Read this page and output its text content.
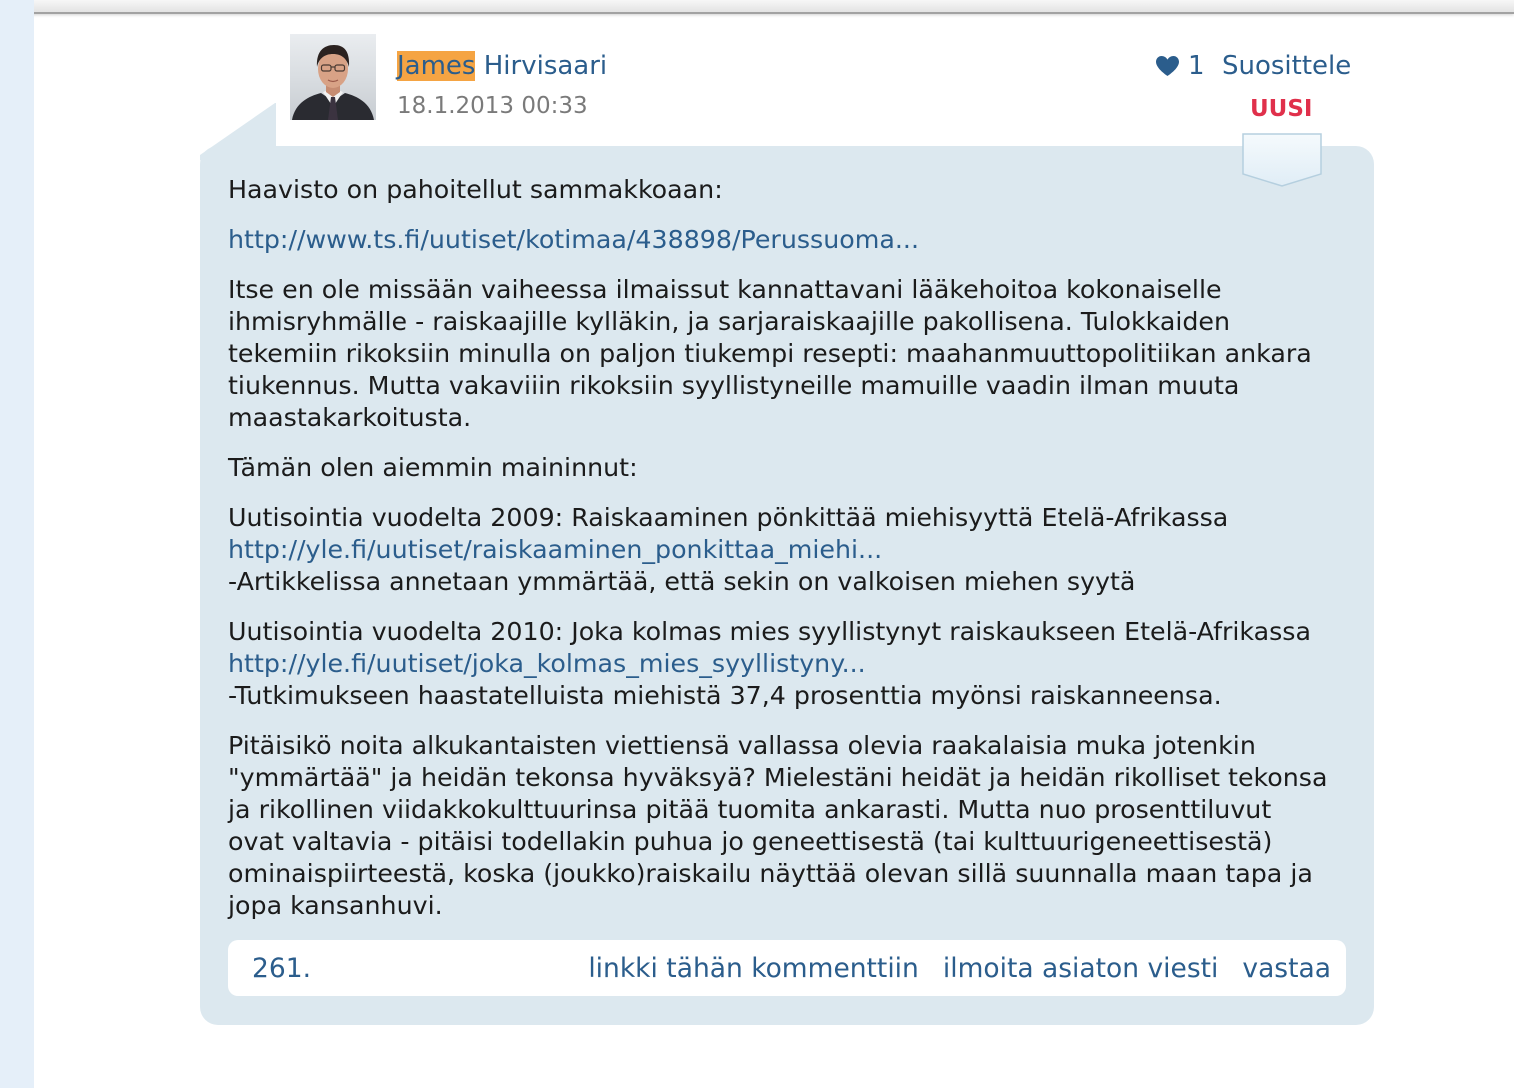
James Hirvisaari
18.1.2013 00:33
1 Suosittele
UUSI
Haavisto on pahoitellut sammakkoaan:
http://www.ts.fi/uutiset/kotimaa/438898/Perussuoma...
Itse en ole missään vaiheessa ilmaissut kannattavani lääkehoitoa kokonaiselle
ihmisryhmälle - raiskaajille kylläkin, ja sarjaraiskaajille pakollisena. Tulokkaiden
tekemiin rikoksiin minulla on paljon tiukempi resepti: maahanmuuttopolitiikan ankara
tiukennus. Mutta vakaviiin rikoksiin syyllistyneille mamuille vaadin ilman muuta
maastakarkoitusta.
Tämän olen aiemmin maininnut:
Uutisointia vuodelta 2009: Raiskaaminen pönkittää miehisyyttä Etelä-Afrikassa
http://yle.fi/uutiset/raiskaaminen_ponkittaa_miehi...
-Artikkelissa annetaan ymmärtää, että sekin on valkoisen miehen syytä
Uutisointia vuodelta 2010: Joka kolmas mies syyllistynyt raiskaukseen Etelä-Afrikassa
http://yle.fi/uutiset/joka_kolmas_mies_syyllistyny...
-Tutkimukseen haastatelluista miehistä 37,4 prosenttia myönsi raiskanneensa.
Pitäisikö noita alkukantaisten viettiensä vallassa olevia raakalaisia muka jotenkin
"ymmärtää" ja heidän tekonsa hyväksyä? Mielestäni heidät ja heidän rikolliset tekonsa
ja rikollinen viidakkokulttuurinsa pitää tuomita ankarasti. Mutta nuo prosenttiluvut
ovat valtavia - pitäisi todellakin puhua jo geneettisestä (tai kulttuurigeneettisestä)
ominaispiirteestä, koska (joukko)raiskailu näyttää olevan sillä suunnalla maan tapa ja
jopa kansanhuvi.
261.	linkki tähän kommenttiin ilmoita asiaton viesti vastaa
